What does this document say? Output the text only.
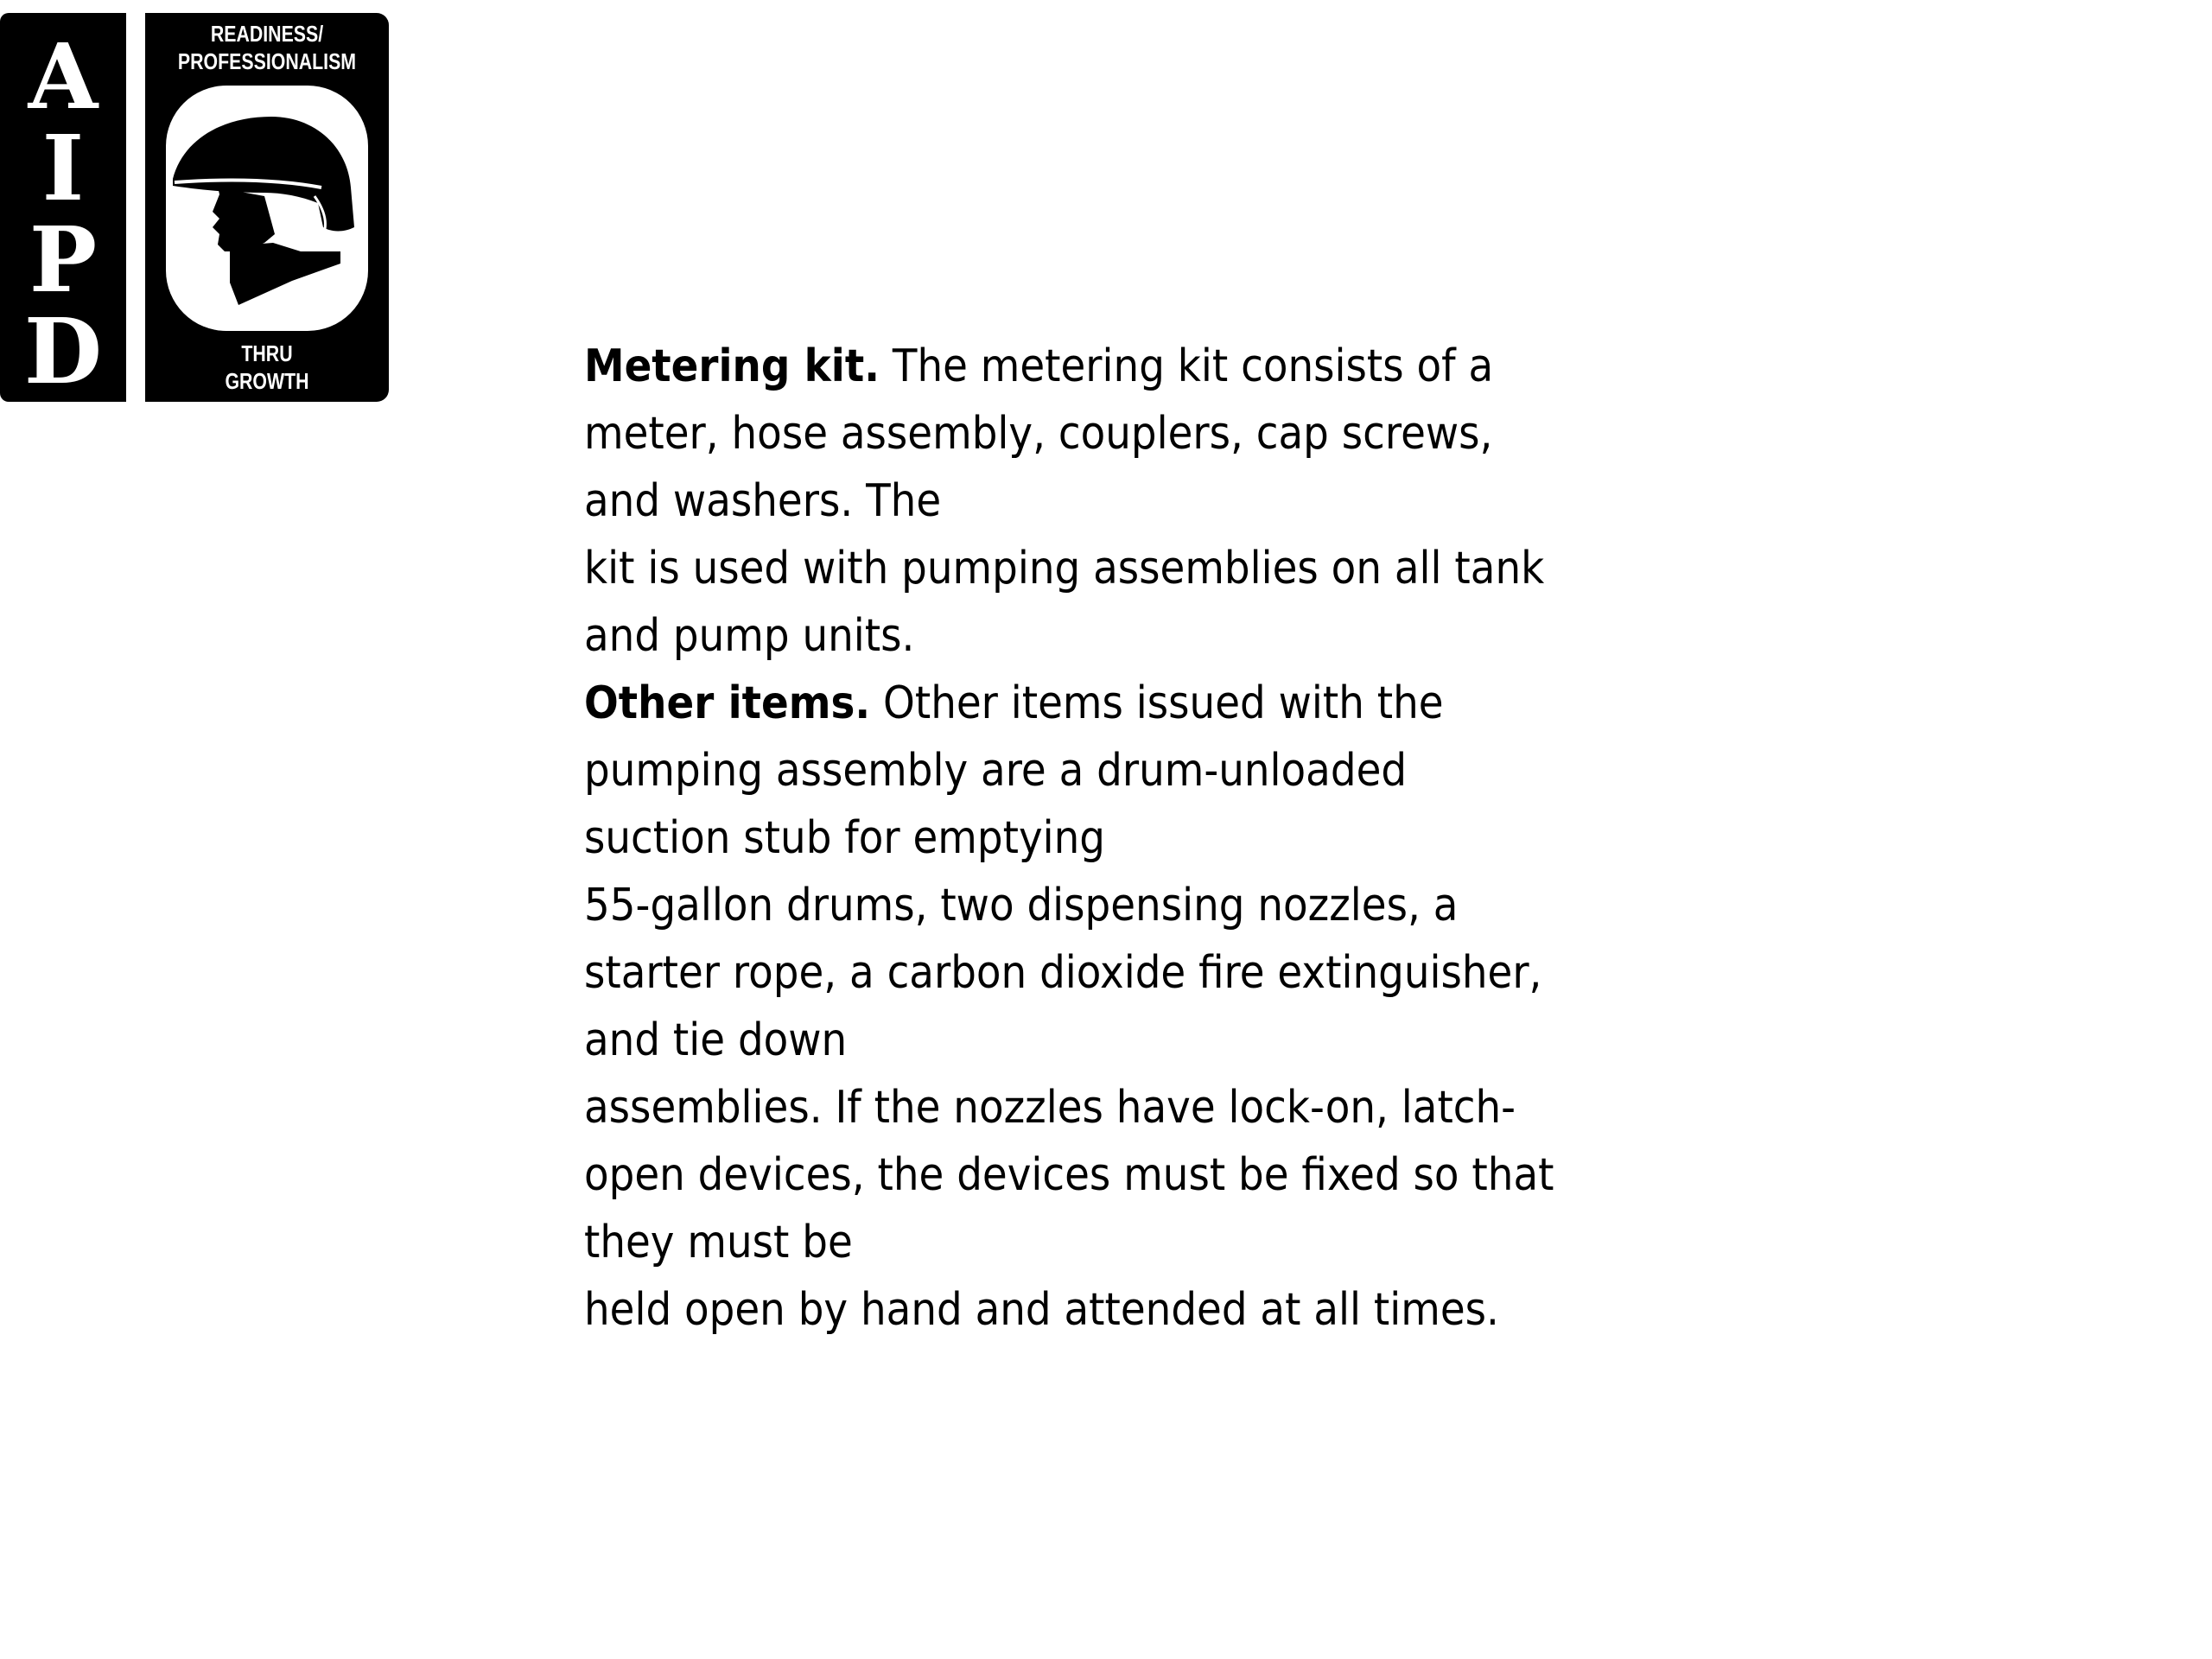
A
I
P
D
READINESS/
PROFESSIONALISM
THRU
GROWTH	Metering kit. The metering kit consists of a
meter, hose assembly, couplers, cap screws,
and washers. The
kit is used with pumping assemblies on all tank
and pump units.
Other items. Other items issued with the
pumping assembly are a drum-unloaded
suction stub for emptying
55-gallon drums, two dispensing nozzles, a
starter rope, a carbon dioxide fire extinguisher,
and tie down
assemblies. If the nozzles have lock-on, latch-
open devices, the devices must be fixed so that
they must be
held open by hand and attended at all times.
